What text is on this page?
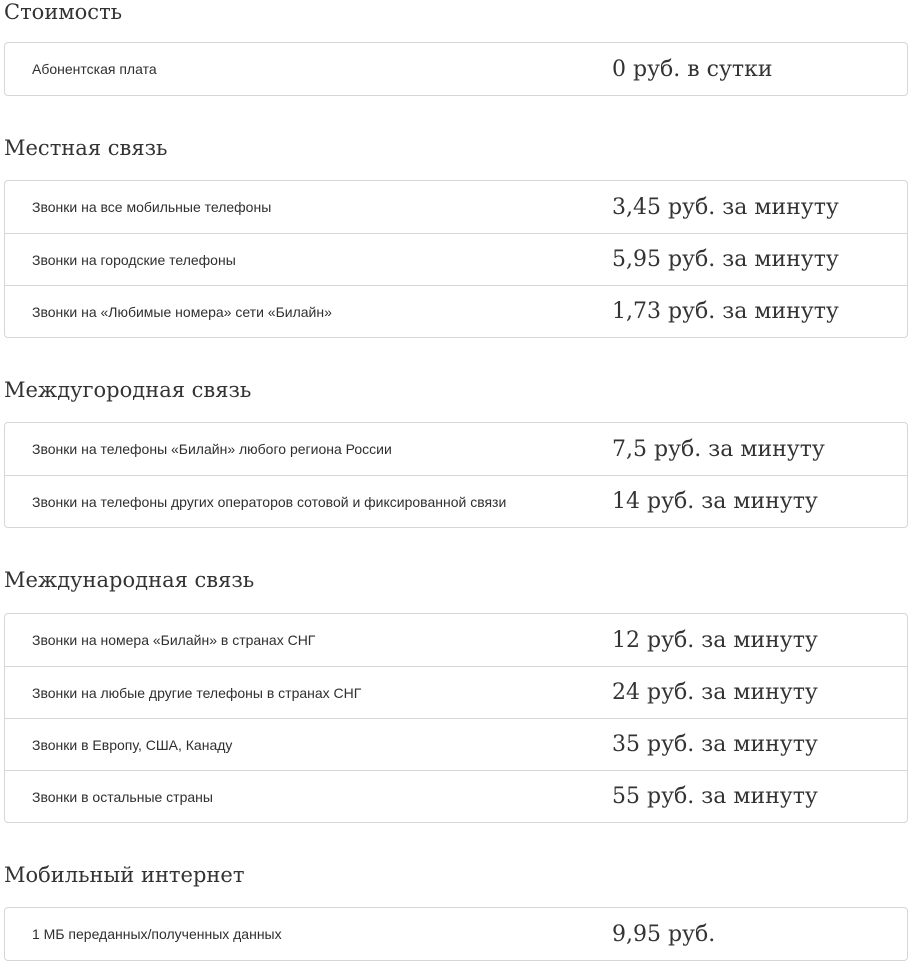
Стоимость
Абонентская плата	0 руб. в сутки
Местная связь
Звонки на все мобильные телефоны	3,45 руб. за минуту
Звонки на городские телефоны	5,95 руб. за минуту
Звонки на «Любимые номера» сети «Билайн»	1,73 руб. за минуту
Междугородная связь
Звонки на телефоны «Билайн» любого региона России	7,5 руб. за минуту
Звонки на телефоны других операторов сотовой и фиксированной связи	14 руб. за минуту
Международная связь
Звонки на номера «Билайн» в странах СНГ	12 руб. за минуту
Звонки на любые другие телефоны в странах СНГ	24 руб. за минуту
Звонки в Европу, США, Канаду	35 руб. за минуту
Звонки в остальные страны	55 руб. за минуту
Мобильный интернет
1 МБ переданных/полученных данных	9,95 руб.
